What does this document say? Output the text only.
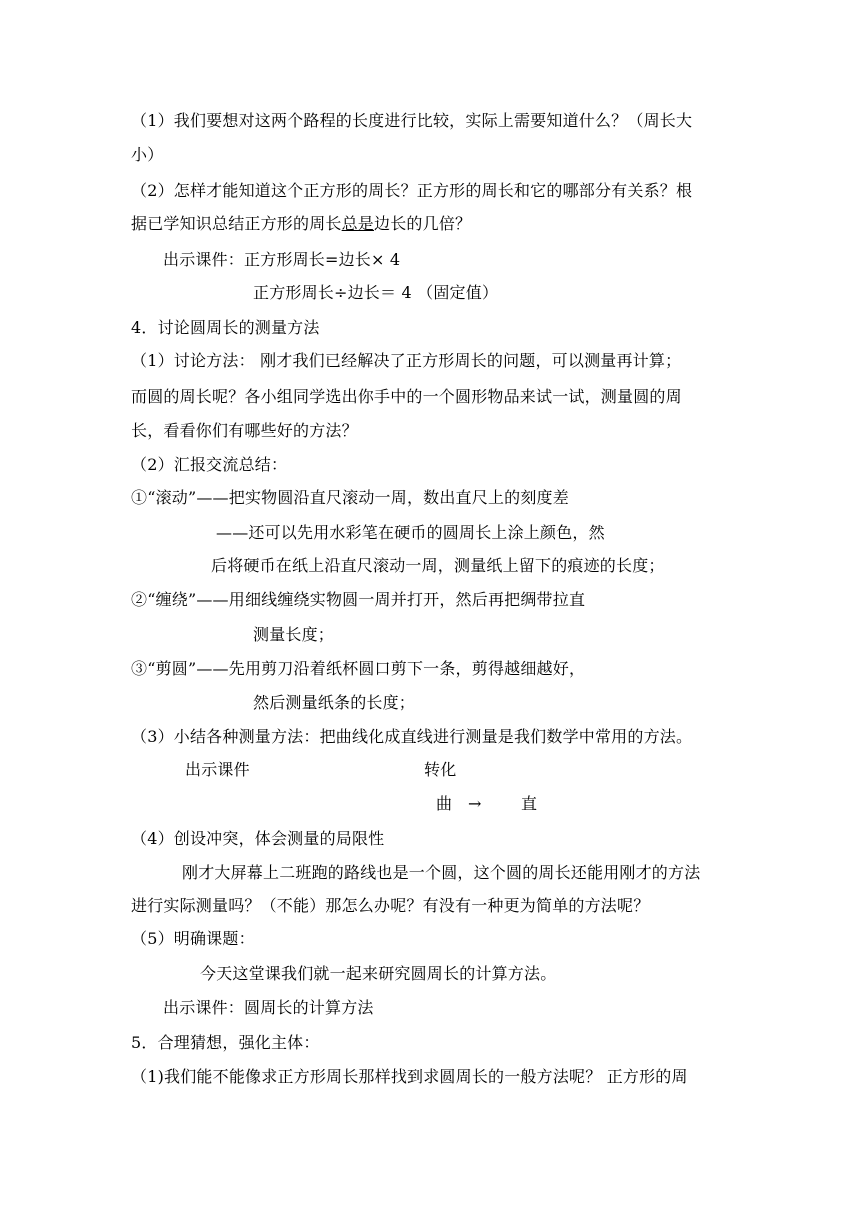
（1）我们要想对这两个路程的长度进行比较，实际上需要知道什么？（周长大
小）
（2）怎样才能知道这个正方形的周长？正方形的周长和它的哪部分有关系？根
据已学知识总结正方形的周长总是边长的几倍？
出示课件：正方形周长=边长× 4
正方形周长÷边长＝ 4 （固定值）
4．讨论圆周长的测量方法
（1）讨论方法： 刚才我们已经解决了正方形周长的问题，可以测量再计算；
而圆的周长呢？各小组同学选出你手中的一个圆形物品来试一试，测量圆的周
长，看看你们有哪些好的方法？
（2）汇报交流总结：
①“滚动”——把实物圆沿直尺滚动一周，数出直尺上的刻度差
——还可以先用水彩笔在硬币的圆周长上涂上颜色，然
后将硬币在纸上沿直尺滚动一周，测量纸上留下的痕迹的长度；
②“缠绕”——用细线缠绕实物圆一周并打开，然后再把绸带拉直
测量长度；
③“剪圆”——先用剪刀沿着纸杯圆口剪下一条，剪得越细越好，
然后测量纸条的长度；
（3）小结各种测量方法：把曲线化成直线进行测量是我们数学中常用的方法。
出示课件	转化
曲 → 直
（4）创设冲突，体会测量的局限性
刚才大屏幕上二班跑的路线也是一个圆，这个圆的周长还能用刚才的方法
进行实际测量吗？（不能）那怎么办呢？有没有一种更为简单的方法呢？
（5）明确课题：
今天这堂课我们就一起来研究圆周长的计算方法。
出示课件：圆周长的计算方法
5．合理猜想，强化主体：
（1)我们能不能像求正方形周长那样找到求圆周长的一般方法呢？ 正方形的周
